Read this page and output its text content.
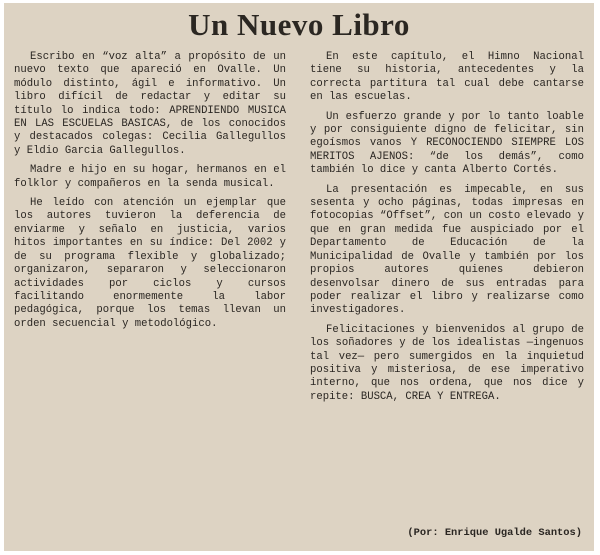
Un Nuevo Libro

Escribo en “voz alta” a propósito de un nuevo texto que apareció en Ovalle. Un módulo distinto, ágil e informativo. Un libro difícil de redactar y editar su título lo indica todo: APRENDIENDO MUSICA EN LAS ESCUELAS BASICAS, de los conocidos y destacados colegas: Cecilia Gallegullos y Eldio Garcia Gallegullos.

Madre e hijo en su hogar, hermanos en el folklor y compañeros en la senda musical.

He leído con atención un ejemplar que los autores tuvieron la deferencia de enviarme y señalo en justicia, varios hitos importantes en su índice: Del 2002 y de su programa flexible y globalizado; organizaron, separaron y seleccionaron actividades por ciclos y cursos facilitando enormemente la labor pedagógica, porque los temas llevan un orden secuencial y metodológico.

En este capítulo, el Himno Nacional tiene su historia, antecedentes y la correcta partitura tal cual debe cantarse en las escuelas.

Un esfuerzo grande y por lo tanto loable y por consiguiente digno de felicitar, sin egoísmos vanos Y RECONOCIENDO SIEMPRE LOS MERITOS AJENOS: “de los demás”, como también lo dice y canta Alberto Cortés.

La presentación es impecable, en sus sesenta y ocho páginas, todas impresas en fotocopias “Offset”, con un costo elevado y que en gran medida fue auspiciado por el Departamento de Educación de la Municipalidad de Ovalle y también por los propios autores quienes debieron desenvolsar dinero de sus entradas para poder realizar el libro y realizarse como investigadores.

Felicitaciones y bienvenidos al grupo de los soñadores y de los idealistas —ingenuos tal vez— pero sumergidos en la inquietud positiva y misteriosa, de ese imperativo interno, que nos ordena, que nos dice y repite: BUSCA, CREA Y ENTREGA.

(Por: Enrique Ugalde Santos)
